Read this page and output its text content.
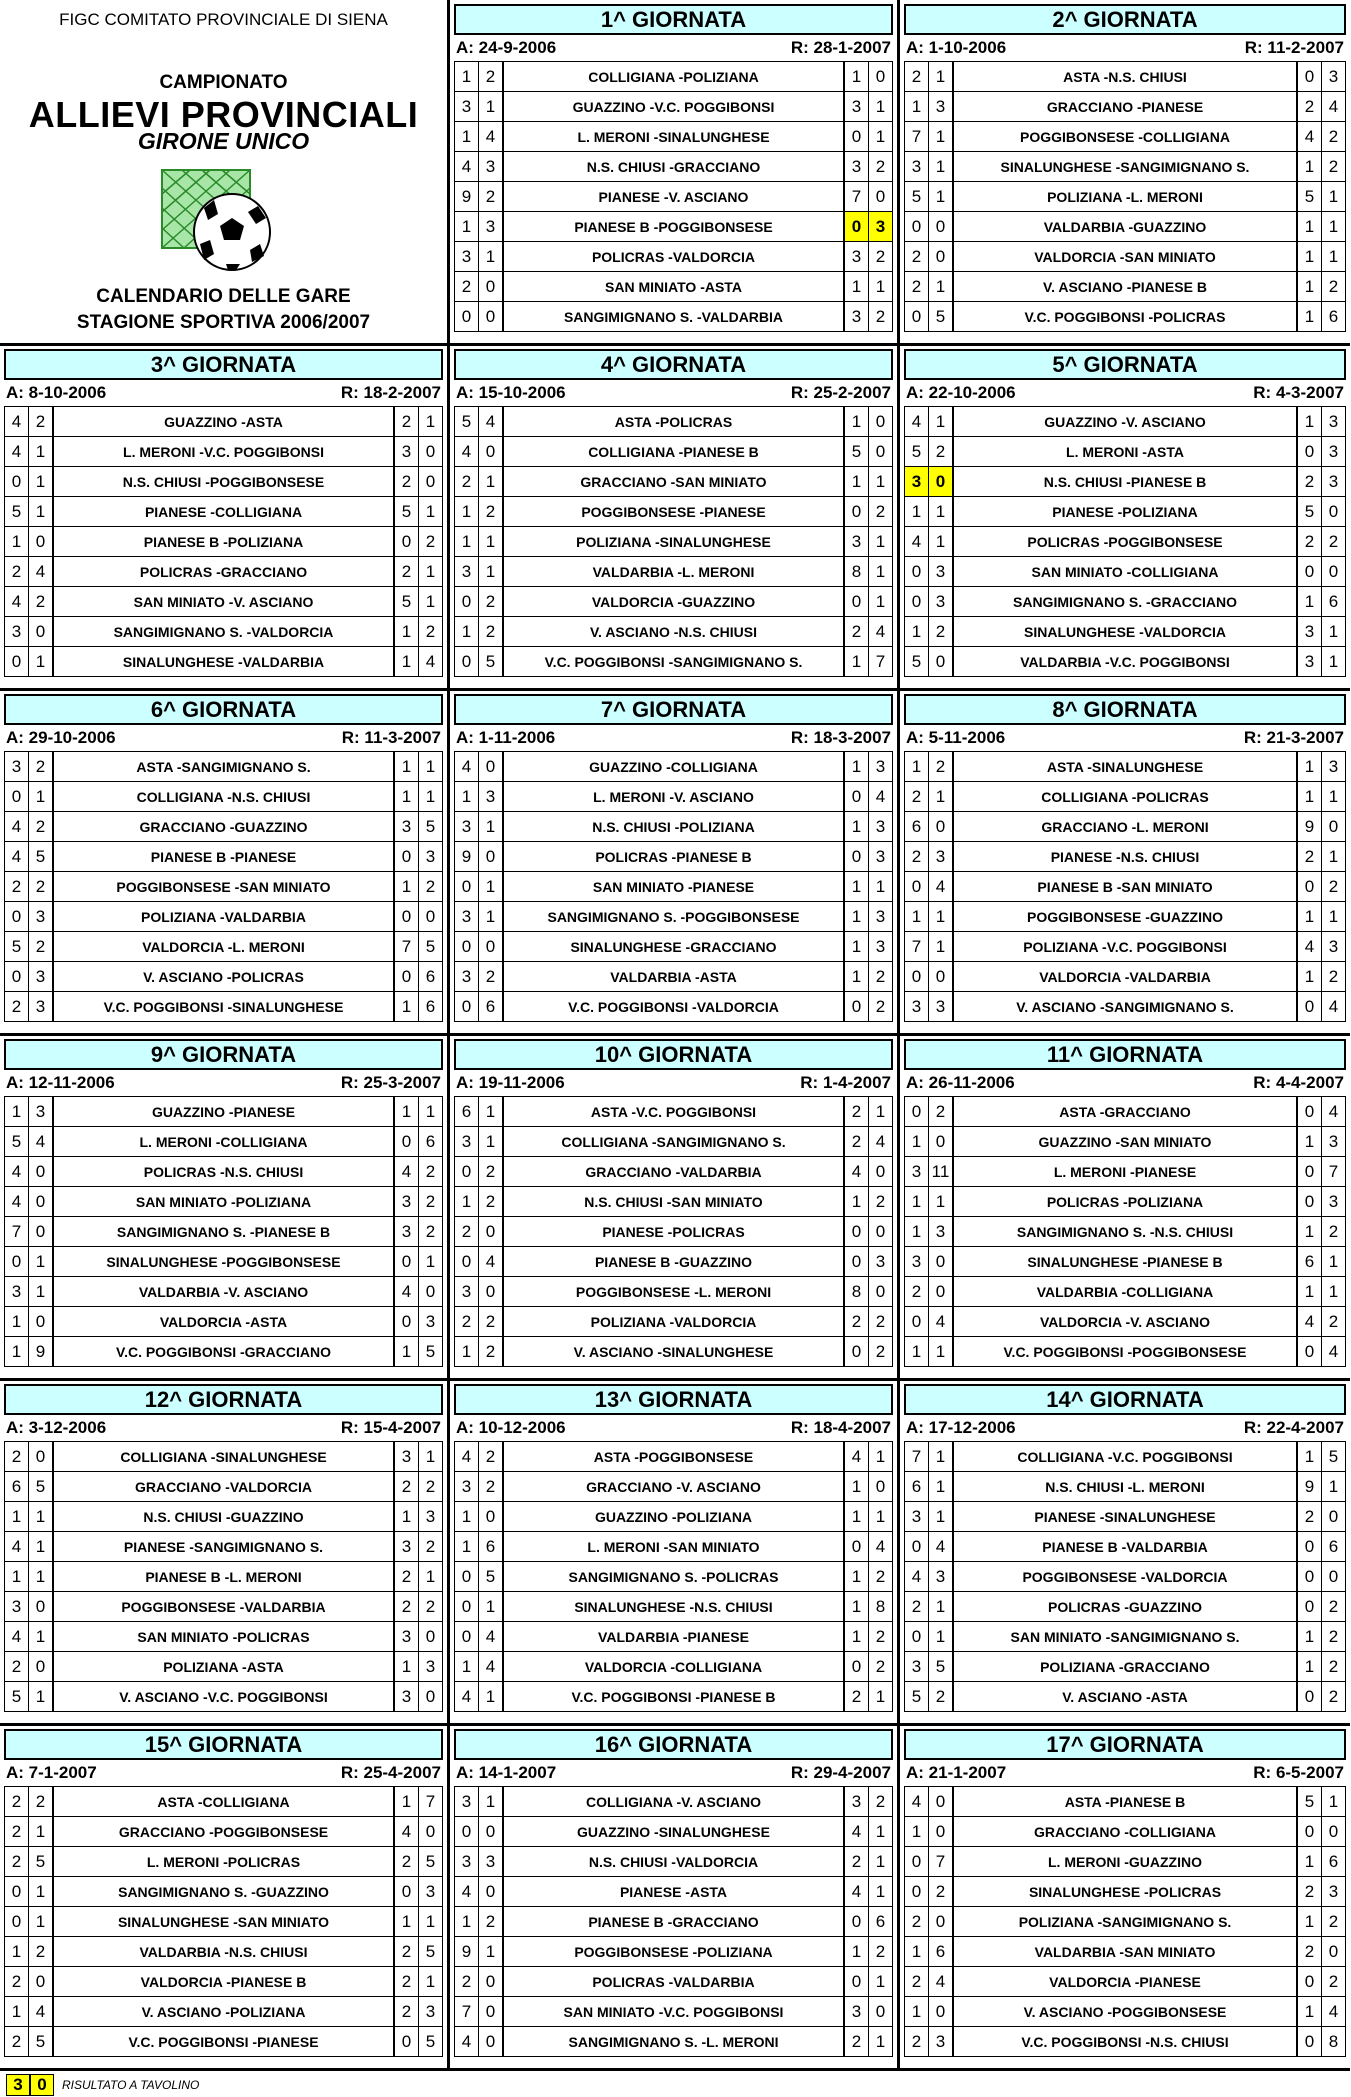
FIGC COMITATO PROVINCIALE DI SIENA
CAMPIONATO
ALLIEVI PROVINCIALI
GIRONE UNICO
CALENDARIO DELLE GARE
STAGIONE SPORTIVA 2006/2007
1^ GIORNATA
A: 24-9-2006	R: 28-1-2007
1	2	COLLIGIANA -POLIZIANA	1	0
3	1	GUAZZINO -V.C. POGGIBONSI	3	1
1	4	L. MERONI -SINALUNGHESE	0	1
4	3	N.S. CHIUSI -GRACCIANO	3	2
9	2	PIANESE -V. ASCIANO	7	0
1	3	PIANESE B -POGGIBONSESE	0	3
3	1	POLICRAS -VALDORCIA	3	2
2	0	SAN MINIATO -ASTA	1	1
0	0	SANGIMIGNANO S. -VALDARBIA	3	2
2^ GIORNATA
A: 1-10-2006	R: 11-2-2007
2	1	ASTA -N.S. CHIUSI	0	3
1	3	GRACCIANO -PIANESE	2	4
7	1	POGGIBONSESE -COLLIGIANA	4	2
3	1	SINALUNGHESE -SANGIMIGNANO S.	1	2
5	1	POLIZIANA -L. MERONI	5	1
0	0	VALDARBIA -GUAZZINO	1	1
2	0	VALDORCIA -SAN MINIATO	1	1
2	1	V. ASCIANO -PIANESE B	1	2
0	5	V.C. POGGIBONSI -POLICRAS	1	6
3^ GIORNATA
A: 8-10-2006	R: 18-2-2007
4	2	GUAZZINO -ASTA	2	1
4	1	L. MERONI -V.C. POGGIBONSI	3	0
0	1	N.S. CHIUSI -POGGIBONSESE	2	0
5	1	PIANESE -COLLIGIANA	5	1
1	0	PIANESE B -POLIZIANA	0	2
2	4	POLICRAS -GRACCIANO	2	1
4	2	SAN MINIATO -V. ASCIANO	5	1
3	0	SANGIMIGNANO S. -VALDORCIA	1	2
0	1	SINALUNGHESE -VALDARBIA	1	4
4^ GIORNATA
A: 15-10-2006	R: 25-2-2007
5	4	ASTA -POLICRAS	1	0
4	0	COLLIGIANA -PIANESE B	5	0
2	1	GRACCIANO -SAN MINIATO	1	1
1	2	POGGIBONSESE -PIANESE	0	2
1	1	POLIZIANA -SINALUNGHESE	3	1
3	1	VALDARBIA -L. MERONI	8	1
0	2	VALDORCIA -GUAZZINO	0	1
1	2	V. ASCIANO -N.S. CHIUSI	2	4
0	5	V.C. POGGIBONSI -SANGIMIGNANO S.	1	7
5^ GIORNATA
A: 22-10-2006	R: 4-3-2007
4	1	GUAZZINO -V. ASCIANO	1	3
5	2	L. MERONI -ASTA	0	3
3	0	N.S. CHIUSI -PIANESE B	2	3
1	1	PIANESE -POLIZIANA	5	0
4	1	POLICRAS -POGGIBONSESE	2	2
0	3	SAN MINIATO -COLLIGIANA	0	0
0	3	SANGIMIGNANO S. -GRACCIANO	1	6
1	2	SINALUNGHESE -VALDORCIA	3	1
5	0	VALDARBIA -V.C. POGGIBONSI	3	1
6^ GIORNATA
A: 29-10-2006	R: 11-3-2007
3	2	ASTA -SANGIMIGNANO S.	1	1
0	1	COLLIGIANA -N.S. CHIUSI	1	1
4	2	GRACCIANO -GUAZZINO	3	5
4	5	PIANESE B -PIANESE	0	3
2	2	POGGIBONSESE -SAN MINIATO	1	2
0	3	POLIZIANA -VALDARBIA	0	0
5	2	VALDORCIA -L. MERONI	7	5
0	3	V. ASCIANO -POLICRAS	0	6
2	3	V.C. POGGIBONSI -SINALUNGHESE	1	6
7^ GIORNATA
A: 1-11-2006	R: 18-3-2007
4	0	GUAZZINO -COLLIGIANA	1	3
1	3	L. MERONI -V. ASCIANO	0	4
3	1	N.S. CHIUSI -POLIZIANA	1	3
9	0	POLICRAS -PIANESE B	0	3
0	1	SAN MINIATO -PIANESE	1	1
3	1	SANGIMIGNANO S. -POGGIBONSESE	1	3
0	0	SINALUNGHESE -GRACCIANO	1	3
3	2	VALDARBIA -ASTA	1	2
0	6	V.C. POGGIBONSI -VALDORCIA	0	2
8^ GIORNATA
A: 5-11-2006	R: 21-3-2007
1	2	ASTA -SINALUNGHESE	1	3
2	1	COLLIGIANA -POLICRAS	1	1
6	0	GRACCIANO -L. MERONI	9	0
2	3	PIANESE -N.S. CHIUSI	2	1
0	4	PIANESE B -SAN MINIATO	0	2
1	1	POGGIBONSESE -GUAZZINO	1	1
7	1	POLIZIANA -V.C. POGGIBONSI	4	3
0	0	VALDORCIA -VALDARBIA	1	2
3	3	V. ASCIANO -SANGIMIGNANO S.	0	4
9^ GIORNATA
A: 12-11-2006	R: 25-3-2007
1	3	GUAZZINO -PIANESE	1	1
5	4	L. MERONI -COLLIGIANA	0	6
4	0	POLICRAS -N.S. CHIUSI	4	2
4	0	SAN MINIATO -POLIZIANA	3	2
7	0	SANGIMIGNANO S. -PIANESE B	3	2
0	1	SINALUNGHESE -POGGIBONSESE	0	1
3	1	VALDARBIA -V. ASCIANO	4	0
1	0	VALDORCIA -ASTA	0	3
1	9	V.C. POGGIBONSI -GRACCIANO	1	5
10^ GIORNATA
A: 19-11-2006	R: 1-4-2007
6	1	ASTA -V.C. POGGIBONSI	2	1
3	1	COLLIGIANA -SANGIMIGNANO S.	2	4
0	2	GRACCIANO -VALDARBIA	4	0
1	2	N.S. CHIUSI -SAN MINIATO	1	2
2	0	PIANESE -POLICRAS	0	0
0	4	PIANESE B -GUAZZINO	0	3
3	0	POGGIBONSESE -L. MERONI	8	0
2	2	POLIZIANA -VALDORCIA	2	2
1	2	V. ASCIANO -SINALUNGHESE	0	2
11^ GIORNATA
A: 26-11-2006	R: 4-4-2007
0	2	ASTA -GRACCIANO	0	4
1	0	GUAZZINO -SAN MINIATO	1	3
3	11	L. MERONI -PIANESE	0	7
1	1	POLICRAS -POLIZIANA	0	3
1	3	SANGIMIGNANO S. -N.S. CHIUSI	1	2
3	0	SINALUNGHESE -PIANESE B	6	1
2	0	VALDARBIA -COLLIGIANA	1	1
0	4	VALDORCIA -V. ASCIANO	4	2
1	1	V.C. POGGIBONSI -POGGIBONSESE	0	4
12^ GIORNATA
A: 3-12-2006	R: 15-4-2007
2	0	COLLIGIANA -SINALUNGHESE	3	1
6	5	GRACCIANO -VALDORCIA	2	2
1	1	N.S. CHIUSI -GUAZZINO	1	3
4	1	PIANESE -SANGIMIGNANO S.	3	2
1	1	PIANESE B -L. MERONI	2	1
3	0	POGGIBONSESE -VALDARBIA	2	2
4	1	SAN MINIATO -POLICRAS	3	0
2	0	POLIZIANA -ASTA	1	3
5	1	V. ASCIANO -V.C. POGGIBONSI	3	0
13^ GIORNATA
A: 10-12-2006	R: 18-4-2007
4	2	ASTA -POGGIBONSESE	4	1
3	2	GRACCIANO -V. ASCIANO	1	0
1	0	GUAZZINO -POLIZIANA	1	1
1	6	L. MERONI -SAN MINIATO	0	4
0	5	SANGIMIGNANO S. -POLICRAS	1	2
0	1	SINALUNGHESE -N.S. CHIUSI	1	8
0	4	VALDARBIA -PIANESE	1	2
1	4	VALDORCIA -COLLIGIANA	0	2
4	1	V.C. POGGIBONSI -PIANESE B	2	1
14^ GIORNATA
A: 17-12-2006	R: 22-4-2007
7	1	COLLIGIANA -V.C. POGGIBONSI	1	5
6	1	N.S. CHIUSI -L. MERONI	9	1
3	1	PIANESE -SINALUNGHESE	2	0
0	4	PIANESE B -VALDARBIA	0	6
4	3	POGGIBONSESE -VALDORCIA	0	0
2	1	POLICRAS -GUAZZINO	0	2
0	1	SAN MINIATO -SANGIMIGNANO S.	1	2
3	5	POLIZIANA -GRACCIANO	1	2
5	2	V. ASCIANO -ASTA	0	2
15^ GIORNATA
A: 7-1-2007	R: 25-4-2007
2	2	ASTA -COLLIGIANA	1	7
2	1	GRACCIANO -POGGIBONSESE	4	0
2	5	L. MERONI -POLICRAS	2	5
0	1	SANGIMIGNANO S. -GUAZZINO	0	3
0	1	SINALUNGHESE -SAN MINIATO	1	1
1	2	VALDARBIA -N.S. CHIUSI	2	5
2	0	VALDORCIA -PIANESE B	2	1
1	4	V. ASCIANO -POLIZIANA	2	3
2	5	V.C. POGGIBONSI -PIANESE	0	5
16^ GIORNATA
A: 14-1-2007	R: 29-4-2007
3	1	COLLIGIANA -V. ASCIANO	3	2
0	0	GUAZZINO -SINALUNGHESE	4	1
3	3	N.S. CHIUSI -VALDORCIA	2	1
4	0	PIANESE -ASTA	4	1
1	2	PIANESE B -GRACCIANO	0	6
9	1	POGGIBONSESE -POLIZIANA	1	2
2	0	POLICRAS -VALDARBIA	0	1
7	0	SAN MINIATO -V.C. POGGIBONSI	3	0
4	0	SANGIMIGNANO S. -L. MERONI	2	1
17^ GIORNATA
A: 21-1-2007	R: 6-5-2007
4	0	ASTA -PIANESE B	5	1
1	0	GRACCIANO -COLLIGIANA	0	0
0	7	L. MERONI -GUAZZINO	1	6
0	2	SINALUNGHESE -POLICRAS	2	3
2	0	POLIZIANA -SANGIMIGNANO S.	1	2
1	6	VALDARBIA -SAN MINIATO	2	0
2	4	VALDORCIA -PIANESE	0	2
1	0	V. ASCIANO -POGGIBONSESE	1	4
2	3	V.C. POGGIBONSI -N.S. CHIUSI	0	8
3 0	RISULTATO A TAVOLINO
